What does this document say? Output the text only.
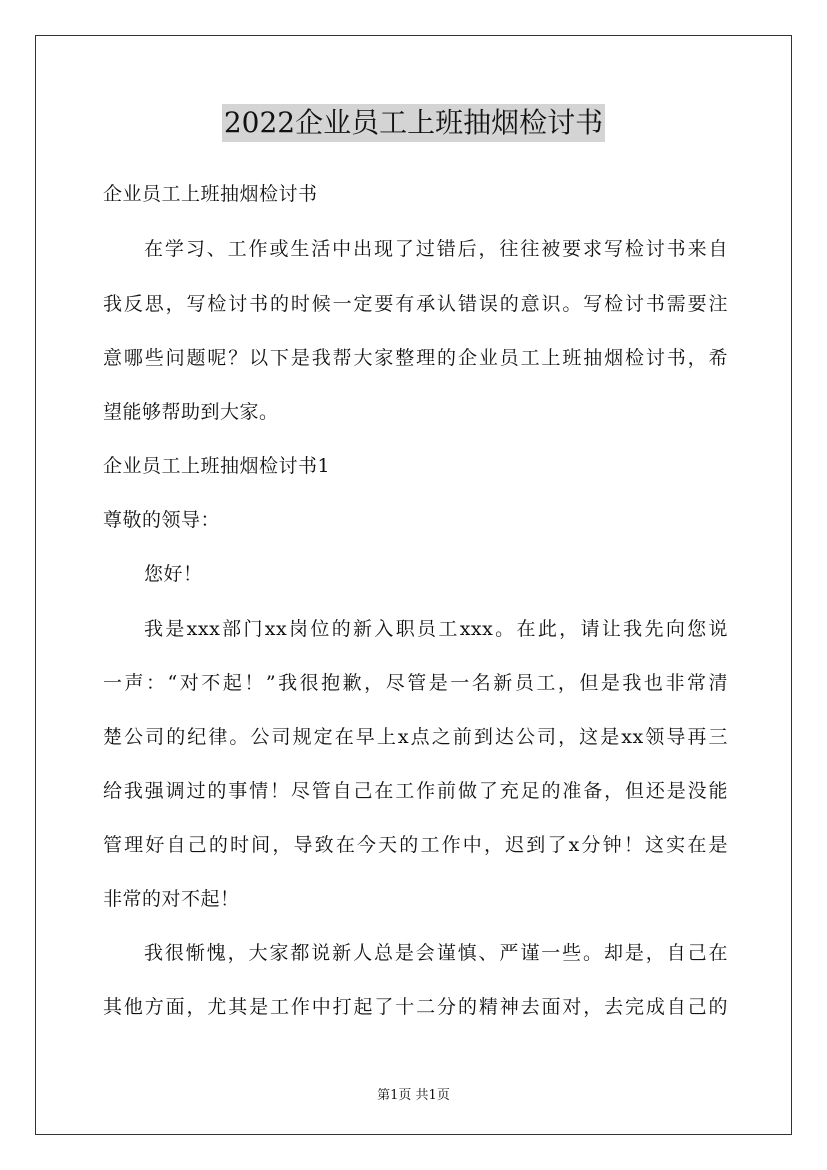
2022企业员工上班抽烟检讨书
企业员工上班抽烟检讨书
在学习、工作或生活中出现了过错后，往往被要求写检讨书来自
我反思，写检讨书的时候一定要有承认错误的意识。写检讨书需要注
意哪些问题呢？以下是我帮大家整理的企业员工上班抽烟检讨书，希
望能够帮助到大家。
企业员工上班抽烟检讨书1
尊敬的领导：
您好！
我是xxx部门xx岗位的新入职员工xxx。在此，请让我先向您说
一声：“对不起！”我很抱歉，尽管是一名新员工，但是我也非常清
楚公司的纪律。公司规定在早上x点之前到达公司，这是xx领导再三
给我强调过的事情！尽管自己在工作前做了充足的准备，但还是没能
管理好自己的时间，导致在今天的工作中，迟到了x分钟！这实在是
非常的对不起！
我很惭愧，大家都说新人总是会谨慎、严谨一些。却是，自己在
其他方面，尤其是工作中打起了十二分的精神去面对，去完成自己的
第1页 共1页
